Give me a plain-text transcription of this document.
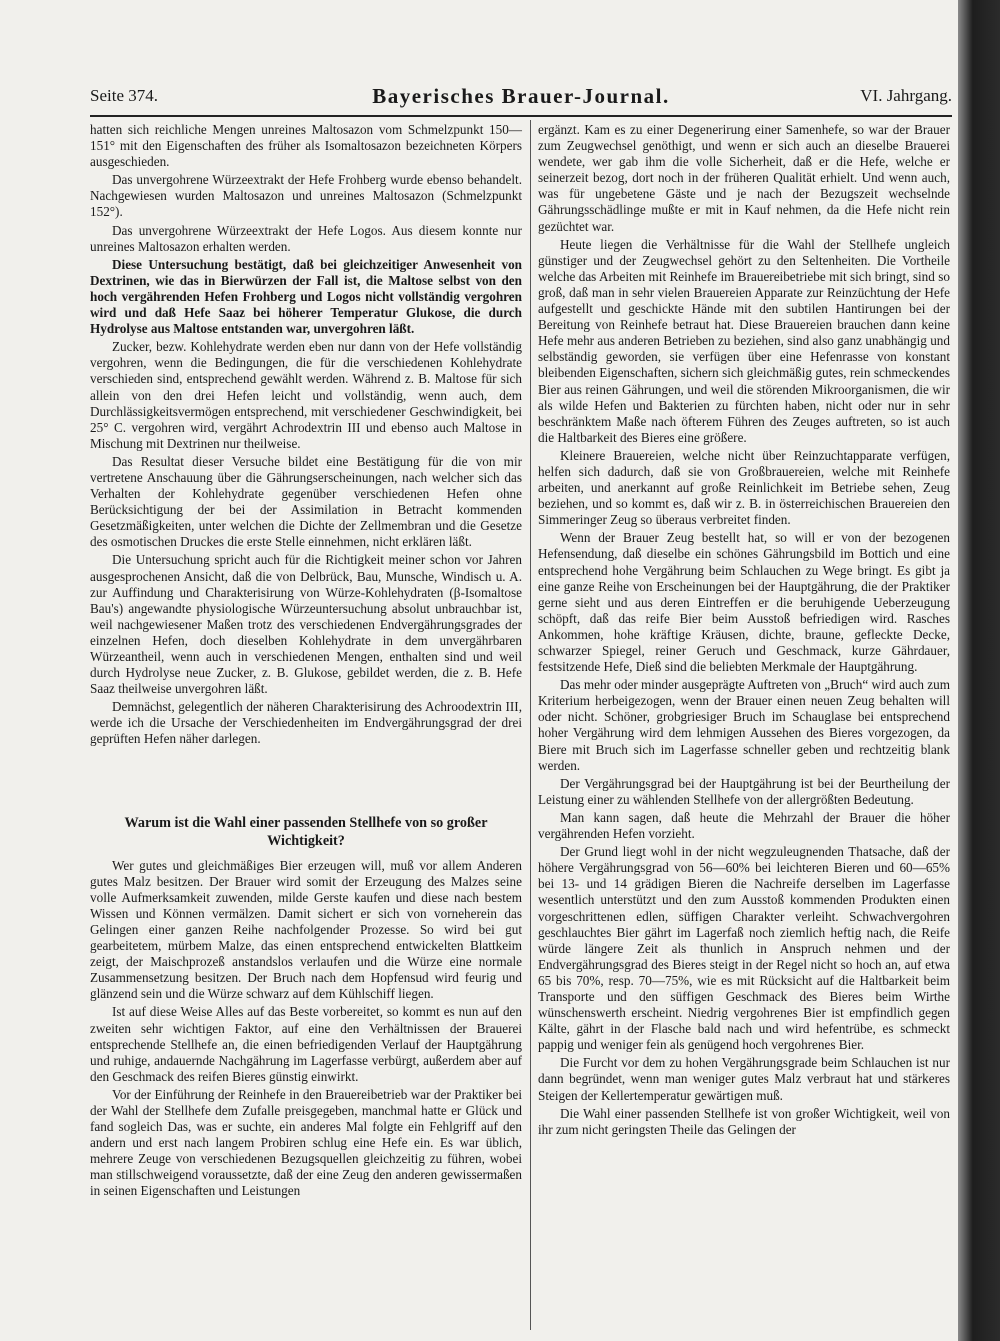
Seite 374.	Bayerisches Brauer-Journal.	VI. Jahrgang.

hatten sich reichliche Mengen unreines Maltosazon vom Schmelzpunkt 150—151° mit den Eigenschaften des früher als Isomaltosazon bezeichneten Körpers ausgeschieden.

Das unvergohrene Würzeextrakt der Hefe Frohberg wurde ebenso behandelt. Nachgewiesen wurden Maltosazon und unreines Maltosazon (Schmelzpunkt 152°).

Das unvergohrene Würzeextrakt der Hefe Logos. Aus diesem konnte nur unreines Maltosazon erhalten werden.

Diese Untersuchung bestätigt, daß bei gleichzeitiger Anwesenheit von Dextrinen, wie das in Bierwürzen der Fall ist, die Maltose selbst von den hoch vergährenden Hefen Frohberg und Logos nicht vollständig vergohren wird und daß Hefe Saaz bei höherer Temperatur Glukose, die durch Hydrolyse aus Maltose entstanden war, unvergohren läßt.

Zucker, bezw. Kohlehydrate werden eben nur dann von der Hefe vollständig vergohren, wenn die Bedingungen, die für die verschiedenen Kohlehydrate verschieden sind, entsprechend gewählt werden. Während z. B. Maltose für sich allein von den drei Hefen leicht und vollständig, wenn auch, dem Durchlässigkeitsvermögen entsprechend, mit verschiedener Geschwindigkeit, bei 25° C. vergohren wird, vergährt Achrodextrin III und ebenso auch Maltose in Mischung mit Dextrinen nur theilweise.

Das Resultat dieser Versuche bildet eine Bestätigung für die von mir vertretene Anschauung über die Gährungserscheinungen, nach welcher sich das Verhalten der Kohlehydrate gegenüber verschiedenen Hefen ohne Berücksichtigung der bei der Assimilation in Betracht kommenden Gesetzmäßigkeiten, unter welchen die Dichte der Zellmembran und die Gesetze des osmotischen Druckes die erste Stelle einnehmen, nicht erklären läßt.

Die Untersuchung spricht auch für die Richtigkeit meiner schon vor Jahren ausgesprochenen Ansicht, daß die von Delbrück, Bau, Munsche, Windisch u. A. zur Auffindung und Charakterisirung von Würze-Kohlehydraten (β-Isomaltose Bau's) angewandte physiologische Würzeuntersuchung absolut unbrauchbar ist, weil nachgewiesener Maßen trotz des verschiedenen Endvergährungsgrades der einzelnen Hefen, doch dieselben Kohlehydrate in dem unvergährbaren Würzeantheil, wenn auch in verschiedenen Mengen, enthalten sind und weil durch Hydrolyse neue Zucker, z. B. Glukose, gebildet werden, die z. B. Hefe Saaz theilweise unvergohren läßt.

Demnächst, gelegentlich der näheren Charakterisirung des Achroodextrin III, werde ich die Ursache der Verschiedenheiten im Endvergährungsgrad der drei geprüften Hefen näher darlegen.

Warum ist die Wahl einer passenden Stellhefe von so großer Wichtigkeit?

Wer gutes und gleichmäßiges Bier erzeugen will, muß vor allem Anderen gutes Malz besitzen. Der Brauer wird somit der Erzeugung des Malzes seine volle Aufmerksamkeit zuwenden, milde Gerste kaufen und diese nach bestem Wissen und Können vermälzen. Damit sichert er sich von vorneherein das Gelingen einer ganzen Reihe nachfolgender Prozesse. So wird bei gut gearbeitetem, mürbem Malze, das einen entsprechend entwickelten Blattkeim zeigt, der Maischprozeß anstandslos verlaufen und die Würze eine normale Zusammensetzung besitzen. Der Bruch nach dem Hopfensud wird feurig und glänzend sein und die Würze schwarz auf dem Kühlschiff liegen.

Ist auf diese Weise Alles auf das Beste vorbereitet, so kommt es nun auf den zweiten sehr wichtigen Faktor, auf eine den Verhältnissen der Brauerei entsprechende Stellhefe an, die einen befriedigenden Verlauf der Hauptgährung und ruhige, andauernde Nachgährung im Lagerfasse verbürgt, außerdem aber auf den Geschmack des reifen Bieres günstig einwirkt.

Vor der Einführung der Reinhefe in den Brauereibetrieb war der Praktiker bei der Wahl der Stellhefe dem Zufalle preisgegeben, manchmal hatte er Glück und fand sogleich Das, was er suchte, ein anderes Mal folgte ein Fehlgriff auf den andern und erst nach langem Probiren schlug eine Hefe ein. Es war üblich, mehrere Zeuge von verschiedenen Bezugsquellen gleichzeitig zu führen, wobei man stillschweigend voraussetzte, daß der eine Zeug den anderen gewissermaßen in seinen Eigenschaften und Leistungen

ergänzt. Kam es zu einer Degenerirung einer Samenhefe, so war der Brauer zum Zeugwechsel genöthigt, und wenn er sich auch an dieselbe Brauerei wendete, wer gab ihm die volle Sicherheit, daß er die Hefe, welche er seinerzeit bezog, dort noch in der früheren Qualität erhielt. Und wenn auch, was für ungebetene Gäste und je nach der Bezugszeit wechselnde Gährungsschädlinge mußte er mit in Kauf nehmen, da die Hefe nicht rein gezüchtet war.

Heute liegen die Verhältnisse für die Wahl der Stellhefe ungleich günstiger und der Zeugwechsel gehört zu den Seltenheiten. Die Vortheile welche das Arbeiten mit Reinhefe im Brauereibetriebe mit sich bringt, sind so groß, daß man in sehr vielen Brauereien Apparate zur Reinzüchtung der Hefe aufgestellt und geschickte Hände mit den subtilen Hantirungen bei der Bereitung von Reinhefe betraut hat. Diese Brauereien brauchen dann keine Hefe mehr aus anderen Betrieben zu beziehen, sind also ganz unabhängig und selbständig geworden, sie verfügen über eine Hefenrasse von konstant bleibenden Eigenschaften, sichern sich gleichmäßig gutes, rein schmeckendes Bier aus reinen Gährungen, und weil die störenden Mikroorganismen, die wir als wilde Hefen und Bakterien zu fürchten haben, nicht oder nur in sehr beschränktem Maße nach öfterem Führen des Zeuges auftreten, so ist auch die Haltbarkeit des Bieres eine größere.

Kleinere Brauereien, welche nicht über Reinzuchtapparate verfügen, helfen sich dadurch, daß sie von Großbrauereien, welche mit Reinhefe arbeiten, und anerkannt auf große Reinlichkeit im Betriebe sehen, Zeug beziehen, und so kommt es, daß wir z. B. in österreichischen Brauereien den Simmeringer Zeug so überaus verbreitet finden.

Wenn der Brauer Zeug bestellt hat, so will er von der bezogenen Hefensendung, daß dieselbe ein schönes Gährungsbild im Bottich und eine entsprechend hohe Vergährung beim Schlauchen zu Wege bringt. Es gibt ja eine ganze Reihe von Erscheinungen bei der Hauptgährung, die der Praktiker gerne sieht und aus deren Eintreffen er die beruhigende Ueberzeugung schöpft, daß das reife Bier beim Ausstoß befriedigen wird. Rasches Ankommen, hohe kräftige Kräusen, dichte, braune, gefleckte Decke, schwarzer Spiegel, reiner Geruch und Geschmack, kurze Gährdauer, festsitzende Hefe, Dieß sind die beliebten Merkmale der Hauptgährung.

Das mehr oder minder ausgeprägte Auftreten von „Bruch“ wird auch zum Kriterium herbeigezogen, wenn der Brauer einen neuen Zeug behalten will oder nicht. Schöner, grobgriesiger Bruch im Schauglase bei entsprechend hoher Vergährung wird dem lehmigen Aussehen des Bieres vorgezogen, da Biere mit Bruch sich im Lagerfasse schneller geben und rechtzeitig blank werden.

Der Vergährungsgrad bei der Hauptgährung ist bei der Beurtheilung der Leistung einer zu wählenden Stellhefe von der allergrößten Bedeutung.

Man kann sagen, daß heute die Mehrzahl der Brauer die höher vergährenden Hefen vorzieht.

Der Grund liegt wohl in der nicht wegzuleugnenden Thatsache, daß der höhere Vergährungsgrad von 56—60% bei leichteren Bieren und 60—65% bei 13- und 14 grädigen Bieren die Nachreife derselben im Lagerfasse wesentlich unterstützt und den zum Ausstoß kommenden Produkten einen vorgeschrittenen edlen, süffigen Charakter verleiht. Schwachvergohren geschlauchtes Bier gährt im Lagerfaß noch ziemlich heftig nach, die Reife würde längere Zeit als thunlich in Anspruch nehmen und der Endvergährungsgrad des Bieres steigt in der Regel nicht so hoch an, auf etwa 65 bis 70%, resp. 70—75%, wie es mit Rücksicht auf die Haltbarkeit beim Transporte und den süffigen Geschmack des Bieres beim Wirthe wünschenswerth erscheint. Niedrig vergohrenes Bier ist empfindlich gegen Kälte, gährt in der Flasche bald nach und wird hefentrübe, es schmeckt pappig und weniger fein als genügend hoch vergohrenes Bier.

Die Furcht vor dem zu hohen Vergährungsgrade beim Schlauchen ist nur dann begründet, wenn man weniger gutes Malz verbraut hat und stärkeres Steigen der Kellertemperatur gewärtigen muß.

Die Wahl einer passenden Stellhefe ist von großer Wichtigkeit, weil von ihr zum nicht geringsten Theile das Gelingen der
